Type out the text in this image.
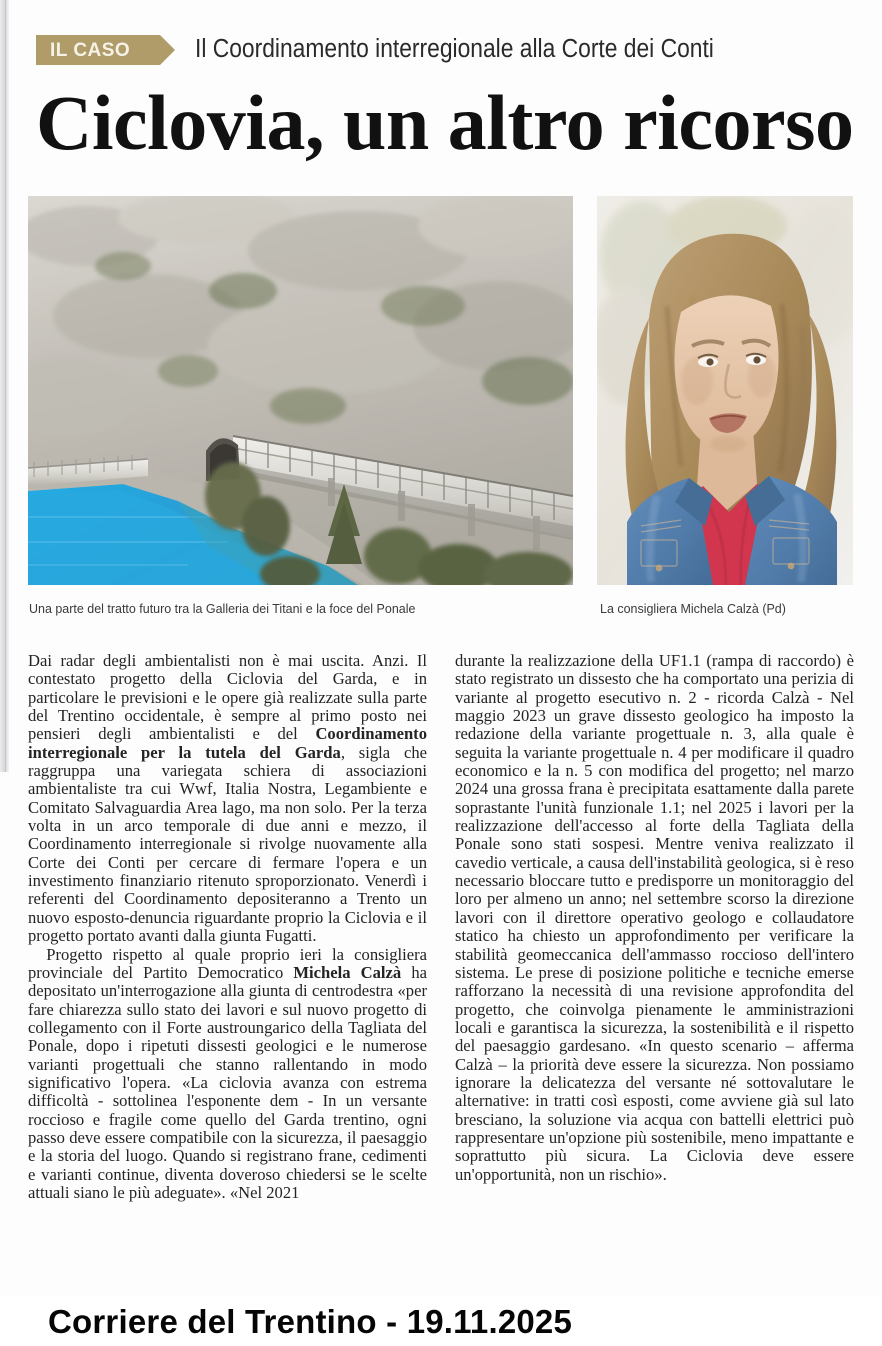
IL CASO	Il Coordinamento interregionale alla Corte dei Conti
Ciclovia, un altro ricorso
Una parte del tratto futuro tra la Galleria dei Titani e la foce del Ponale	La consigliera Michela Calzà (Pd)

Dai radar degli ambientalisti non è mai uscita. Anzi. Il contestato progetto della Ciclovia del Garda, e in particolare le previsioni e le opere già realizzate sulla parte del Trentino occidentale, è sempre al primo posto nei pensieri degli ambientalisti e del Coordinamento interregionale per la tutela del Garda, sigla che raggruppa una variegata schiera di associazioni ambientaliste tra cui Wwf, Italia Nostra, Legambiente e Comitato Salvaguardia Area lago, ma non solo. Per la terza volta in un arco temporale di due anni e mezzo, il Coordinamento interregionale si rivolge nuovamente alla Corte dei Conti per cercare di fermare l'opera e un investimento finanziario ritenuto sproporzionato. Venerdì i referenti del Coordinamento depositeranno a Trento un nuovo esposto-denuncia riguardante proprio la Ciclovia e il progetto portato avanti dalla giunta Fugatti.

Progetto rispetto al quale proprio ieri la consigliera provinciale del Partito Democratico Michela Calzà ha depositato un'interrogazione alla giunta di centrodestra «per fare chiarezza sullo stato dei lavori e sul nuovo progetto di collegamento con il Forte austroungarico della Tagliata del Ponale, dopo i ripetuti dissesti geologici e le numerose varianti progettuali che stanno rallentando in modo significativo l'opera. «La ciclovia avanza con estrema difficoltà - sottolinea l'esponente dem - In un versante roccioso e fragile come quello del Garda trentino, ogni passo deve essere compatibile con la sicurezza, il paesaggio e la storia del luogo. Quando si registrano frane, cedimenti e varianti continue, diventa doveroso chiedersi se le scelte attuali siano le più adeguate». «Nel 2021

durante la realizzazione della UF1.1 (rampa di raccordo) è stato registrato un dissesto che ha comportato una perizia di variante al progetto esecutivo n. 2 - ricorda Calzà - Nel maggio 2023 un grave dissesto geologico ha imposto la redazione della variante progettuale n. 3, alla quale è seguita la variante progettuale n. 4 per modificare il quadro economico e la n. 5 con modifica del progetto; nel marzo 2024 una grossa frana è precipitata esattamente dalla parete soprastante l'unità funzionale 1.1; nel 2025 i lavori per la realizzazione dell'accesso al forte della Tagliata della Ponale sono stati sospesi. Mentre veniva realizzato il cavedio verticale, a causa dell'instabilità geologica, si è reso necessario bloccare tutto e predisporre un monitoraggio del loro per almeno un anno; nel settembre scorso la direzione lavori con il direttore operativo geologo e collaudatore statico ha chiesto un approfondimento per verificare la stabilità geomeccanica dell'ammasso roccioso dell'intero sistema. Le prese di posizione politiche e tecniche emerse rafforzano la necessità di una revisione approfondita del progetto, che coinvolga pienamente le amministrazioni locali e garantisca la sicurezza, la sostenibilità e il rispetto del paesaggio gardesano. «In questo scenario – afferma Calzà – la priorità deve essere la sicurezza. Non possiamo ignorare la delicatezza del versante né sottovalutare le alternative: in tratti così esposti, come avviene già sul lato bresciano, la soluzione via acqua con battelli elettrici può rappresentare un'opzione più sostenibile, meno impattante e soprattutto più sicura. La Ciclovia deve essere un'opportunità, non un rischio».

Corriere del Trentino - 19.11.2025
